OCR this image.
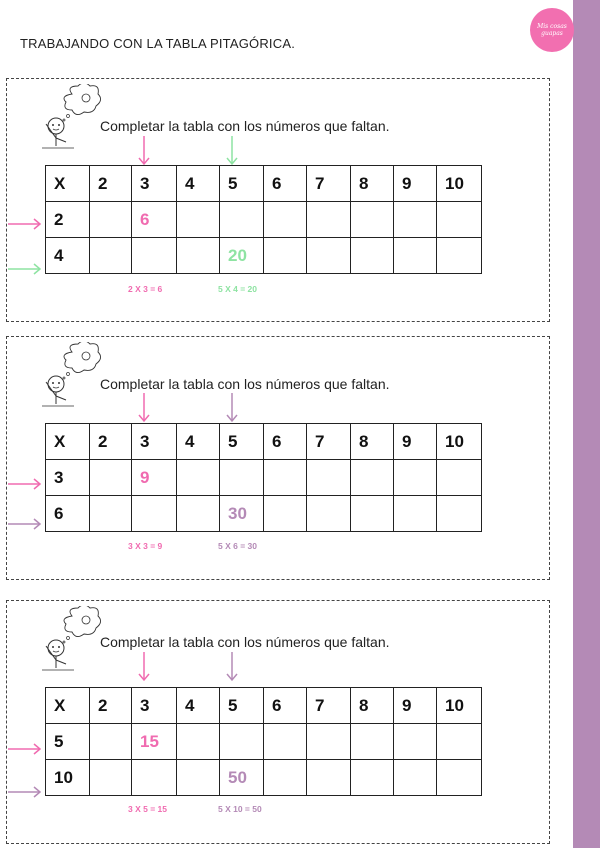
Mis cosas guapas
TRABAJANDO CON LA TABLA PITAGÓRICA.
Completar la tabla con los números que faltan.
X	2	3	4	5	6	7	8	9	10
2		6							
4				20					
2 X 3 = 6	5 X 4 = 20
Completar la tabla con los números que faltan.
X	2	3	4	5	6	7	8	9	10
3		9							
6				30					
3 X 3 = 9	5 X 6 = 30
Completar la tabla con los números que faltan.
X	2	3	4	5	6	7	8	9	10
5		15							
10				50					
3 X 5 = 15	5 X 10 = 50
